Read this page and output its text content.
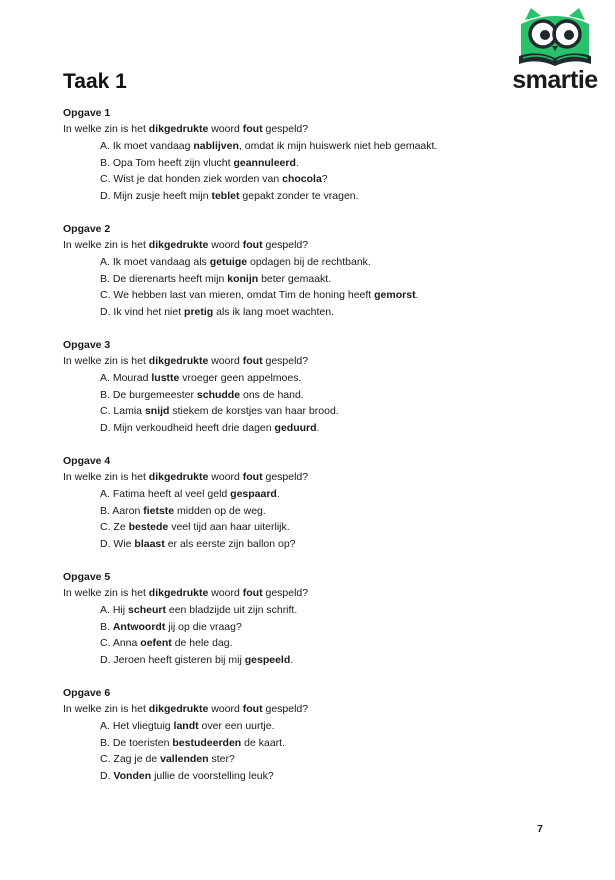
Taak 1	smartie
Opgave 1
In welke zin is het dikgedrukte woord fout gespeld?
A. Ik moet vandaag nablijven, omdat ik mijn huiswerk niet heb gemaakt.
B. Opa Tom heeft zijn vlucht geannuleerd.
C. Wist je dat honden ziek worden van chocola?
D. Mijn zusje heeft mijn teblet gepakt zonder te vragen.
Opgave 2
In welke zin is het dikgedrukte woord fout gespeld?
A. Ik moet vandaag als getuige opdagen bij de rechtbank.
B. De dierenarts heeft mijn konijn beter gemaakt.
C. We hebben last van mieren, omdat Tim de honing heeft gemorst.
D. Ik vind het niet pretig als ik lang moet wachten.
Opgave 3
In welke zin is het dikgedrukte woord fout gespeld?
A. Mourad lustte vroeger geen appelmoes.
B. De burgemeester schudde ons de hand.
C. Lamia snijd stiekem de korstjes van haar brood.
D. Mijn verkoudheid heeft drie dagen geduurd.
Opgave 4
In welke zin is het dikgedrukte woord fout gespeld?
A. Fatima heeft al veel geld gespaard.
B. Aaron fietste midden op de weg.
C. Ze bestede veel tijd aan haar uiterlijk.
D. Wie blaast er als eerste zijn ballon op?
Opgave 5
In welke zin is het dikgedrukte woord fout gespeld?
A. Hij scheurt een bladzijde uit zijn schrift.
B. Antwoordt jij op die vraag?
C. Anna oefent de hele dag.
D. Jeroen heeft gisteren bij mij gespeeld.
Opgave 6
In welke zin is het dikgedrukte woord fout gespeld?
A. Het vliegtuig landt over een uurtje.
B. De toeristen bestudeerden de kaart.
C. Zag je de vallenden ster?
D. Vonden jullie de voorstelling leuk?
7
